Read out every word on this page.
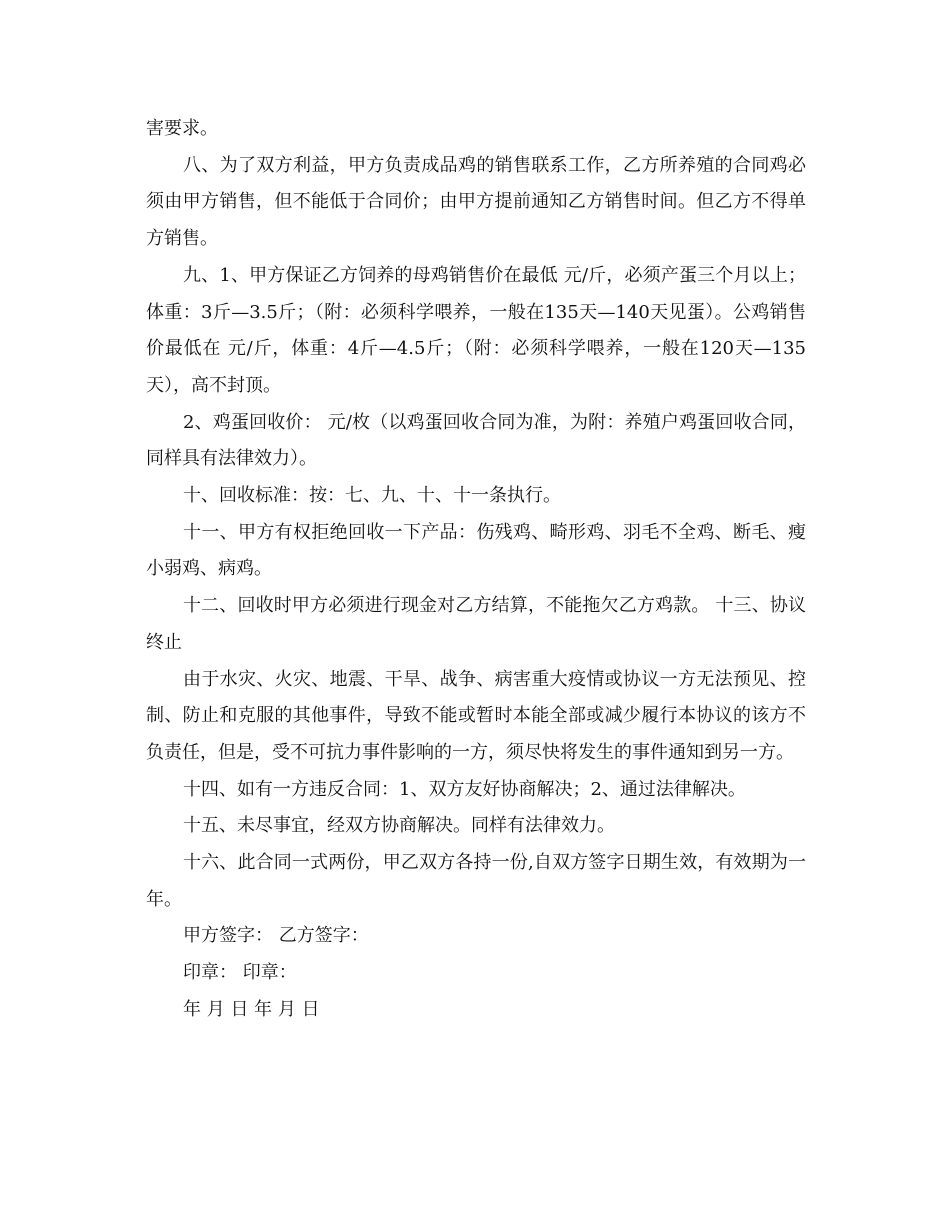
害要求。

八、为了双方利益，甲方负责成品鸡的销售联系工作，乙方所养殖的合同鸡必须由甲方销售，但不能低于合同价；由甲方提前通知乙方销售时间。但乙方不得单方销售。

九、1、甲方保证乙方饲养的母鸡销售价在最低 元/斤，必须产蛋三个月以上；体重：3斤—3.5斤；（附：必须科学喂养，一般在135天—140天见蛋）。公鸡销售价最低在 元/斤，体重：4斤—4.5斤；（附：必须科学喂养，一般在120天—135天），高不封顶。

2、鸡蛋回收价： 元/枚（以鸡蛋回收合同为准，为附：养殖户鸡蛋回收合同，同样具有法律效力）。

十、回收标准：按：七、九、十、十一条执行。

十一、甲方有权拒绝回收一下产品：伤残鸡、畸形鸡、羽毛不全鸡、断毛、瘦小弱鸡、病鸡。

十二、回收时甲方必须进行现金对乙方结算，不能拖欠乙方鸡款。 十三、协议终止

由于水灾、火灾、地震、干旱、战争、病害重大疫情或协议一方无法预见、控制、防止和克服的其他事件，导致不能或暂时本能全部或减少履行本协议的该方不负责任，但是，受不可抗力事件影响的一方，须尽快将发生的事件通知到另一方。

十四、如有一方违反合同：1、双方友好协商解决；2、通过法律解决。

十五、未尽事宜，经双方协商解决。同样有法律效力。

十六、此合同一式两份，甲乙双方各持一份,自双方签字日期生效，有效期为一年。

甲方签字： 乙方签字：

印章： 印章：

年 月 日 年 月 日
